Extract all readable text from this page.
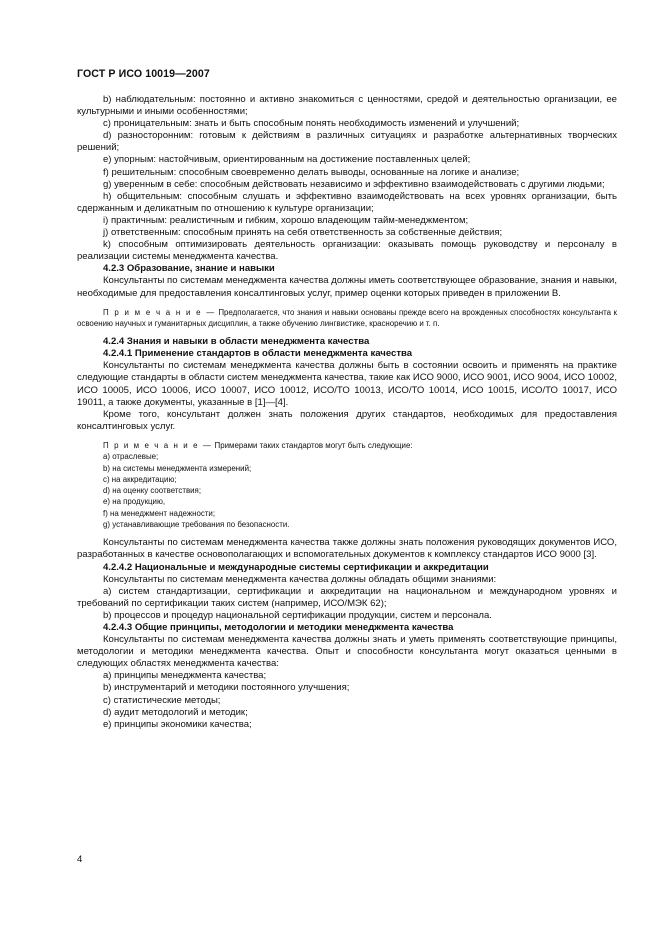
ГОСТ Р ИСО 10019—2007

b) наблюдательным: постоянно и активно знакомиться с ценностями, средой и деятельностью организации, ее культурными и иными особенностями;

c) проницательным: знать и быть способным понять необходимость изменений и улучшений;

d) разносторонним: готовым к действиям в различных ситуациях и разработке альтернативных творческих решений;

e) упорным: настойчивым, ориентированным на достижение поставленных целей;

f) решительным: способным своевременно делать выводы, основанные на логике и анализе;

g) уверенным в себе: способным действовать независимо и эффективно взаимодействовать с другими людьми;

h) общительным: способным слушать и эффективно взаимодействовать на всех уровнях организации, быть сдержанным и деликатным по отношению к культуре организации;

i) практичным: реалистичным и гибким, хорошо владеющим тайм-менеджментом;

j) ответственным: способным принять на себя ответственность за собственные действия;

k) способным оптимизировать деятельность организации: оказывать помощь руководству и персоналу в реализации системы менеджмента качества.

4.2.3 Образование, знание и навыки

Консультанты по системам менеджмента качества должны иметь соответствующее образование, знания и навыки, необходимые для предоставления консалтинговых услуг, пример оценки которых приведен в приложении В.

П р и м е ч а н и е — Предполагается, что знания и навыки основаны прежде всего на врожденных способностях консультанта к освоению научных и гуманитарных дисциплин, а также обучению лингвистике, красноречию и т. п.

4.2.4 Знания и навыки в области менеджмента качества

4.2.4.1 Применение стандартов в области менеджмента качества

Консультанты по системам менеджмента качества должны быть в состоянии освоить и применять на практике следующие стандарты в области систем менеджмента качества, такие как ИСО 9000, ИСО 9001, ИСО 9004, ИСО 10002, ИСО 10005, ИСО 10006, ИСО 10007, ИСО 10012, ИСО/ТО 10013, ИСО/ТО 10014, ИСО 10015, ИСО/ТО 10017, ИСО 19011, а также документы, указанные в [1]—[4].

Кроме того, консультант должен знать положения других стандартов, необходимых для предоставления консалтинговых услуг.

П р и м е ч а н и е — Примерами таких стандартов могут быть следующие:

a) отраслевые;

b) на системы менеджмента измерений;

c) на аккредитацию;

d) на оценку соответствия;

e) на продукцию,

f) на менеджмент надежности;

g) устанавливающие требования по безопасности.

Консультанты по системам менеджмента качества также должны знать положения руководящих документов ИСО, разработанных в качестве основополагающих и вспомогательных документов к комплексу стандартов ИСО 9000 [3].

4.2.4.2 Национальные и международные системы сертификации и аккредитации

Консультанты по системам менеджмента качества должны обладать общими знаниями:

a) систем стандартизации, сертификации и аккредитации на национальном и международном уровнях и требований по сертификации таких систем (например, ИСО/МЭК 62);

b) процессов и процедур национальной сертификации продукции, систем и персонала.

4.2.4.3 Общие принципы, методологии и методики менеджмента качества

Консультанты по системам менеджмента качества должны знать и уметь применять соответствующие принципы, методологии и методики менеджмента качества. Опыт и способности консультанта могут оказаться ценными в следующих областях менеджмента качества:

a) принципы менеджмента качества;

b) инструментарий и методики постоянного улучшения;

c) статистические методы;

d) аудит методологий и методик;

e) принципы экономики качества;

4
